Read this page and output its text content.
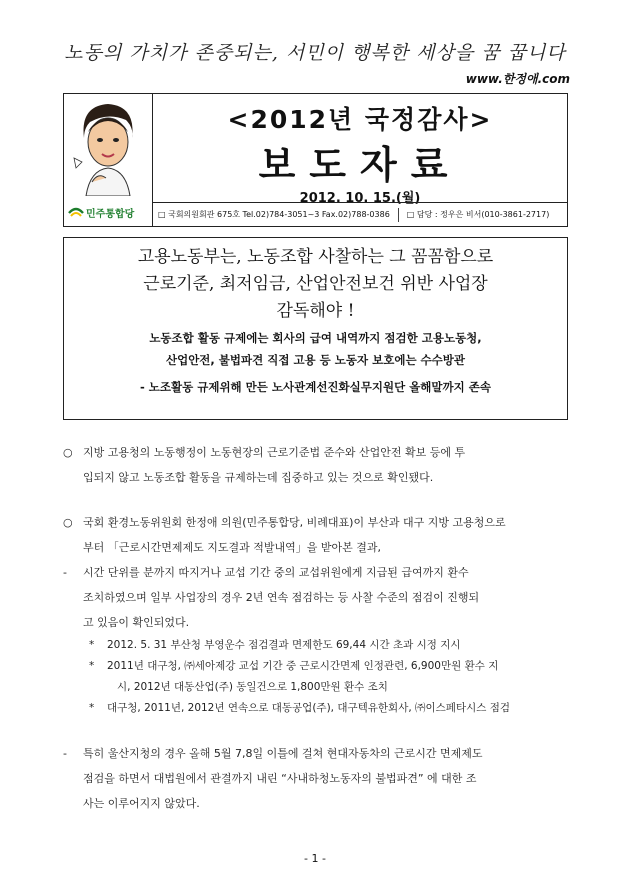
노동의 가치가 존중되는, 서민이 행복한 세상을 꿈 꿉니다
www.한정애.com
민주통합당
<2012년 국정감사>
보도자료
2012. 10. 15.(월)
□ 국회의원회관 675호 Tel.02)784-3051~3 Fax.02)788-0386 □ 담당 : 정우은 비서(010-3861-2717)
고용노동부는, 노동조합 사찰하는 그 꼼꼼함으로
근로기준, 최저임금, 산업안전보건 위반 사업장
감독해야 !
노동조합 활동 규제에는 회사의 급여 내역까지 점검한 고용노동청,
산업안전, 불법파견 직접 고용 등 노동자 보호에는 수수방관
- 노조활동 규제위해 만든 노사관계선진화실무지원단 올해말까지 존속
○ 지방 고용청의 노동행정이 노동현장의 근로기준법 준수와 산업안전 확보 등에 투
입되지 않고 노동조합 활동을 규제하는데 집중하고 있는 것으로 확인됐다.
○ 국회 환경노동위원회 한정애 의원(민주통합당, 비례대표)이 부산과 대구 지방 고용청으로
부터 「근로시간면제제도 지도결과 적발내역」을 받아본 결과,
- 시간 단위를 분까지 따지거나 교섭 기간 중의 교섭위원에게 지급된 급여까지 환수
조치하였으며 일부 사업장의 경우 2년 연속 점검하는 등 사찰 수준의 점검이 진행되
고 있음이 확인되었다.
*	2012. 5. 31 부산청 부영운수 점검결과 면제한도 69,44 시간 초과 시정 지시
*	2011년 대구청, ㈜세아제강 교섭 기간 중 근로시간면제 인정관련, 6,900만원 환수 지
시, 2012년 대동산업(주) 동일건으로 1,800만원 환수 조치
*	대구청, 2011년, 2012년 연속으로 대동공업(주), 대구텍유한회사, ㈜이스페타시스 점검
- 특히 울산지청의 경우 올해 5월 7,8일 이틀에 걸쳐 현대자동차의 근로시간 면제제도
점검을 하면서 대법원에서 관결까지 내린 “사내하청노동자의 불법파견” 에 대한 조
사는 이루어지지 않았다.
- 1 -
